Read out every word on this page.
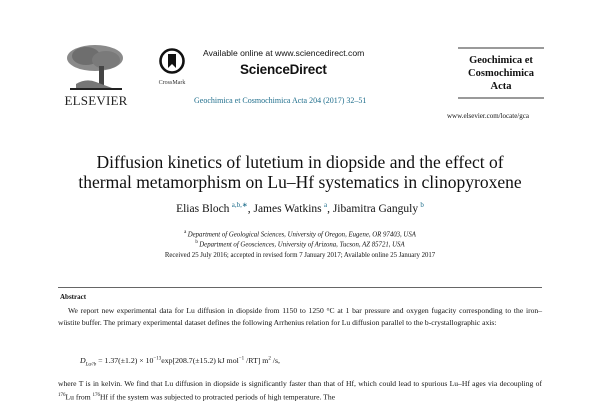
ELSEVIER
CrossMark
Available online at www.sciencedirect.com
ScienceDirect
Geochimica et Cosmochimica Acta 204 (2017) 32–51
Geochimica et
Cosmochimica
Acta
www.elsevier.com/locate/gca
Diffusion kinetics of lutetium in diopside and the effect of
thermal metamorphism on Lu–Hf systematics in clinopyroxene
Elias Bloch  $^{a,b,∗}$, James Watkins  $^a$, Jibamitra Ganguly  $^b$
$^a$ Department of Geological Sciences, University of Oregon, Eugene, OR 97403, USA
$^b$ Department of Geosciences, University of Arizona, Tucson, AZ 85721, USA
Received 25 July 2016; accepted in revised form 7 January 2017; Available online 25 January 2017
Abstract
We report new experimental data for Lu diffusion in diopside from 1150 to 1250 °C at 1 bar pressure and oxygen fugacity corresponding to the iron–wüstite buffer. The primary experimental dataset defines the following Arrhenius relation for Lu diffusion parallel to the b-crystallographic axis:
$D_{Lu//b} = 1.37(\pm 1.2) \times 10^{-13}\exp[208.7(\pm 15.2)$ kJ mol$^{-1}$ /RT] $m^2$ /s,
where T is in kelvin. We find that Lu diffusion in diopside is significantly faster than that of Hf, which could lead to spurious Lu–Hf ages via decoupling of $^{176}$Lu from $^{176}$Hf if the system was subjected to protracted periods of high temperature. The
